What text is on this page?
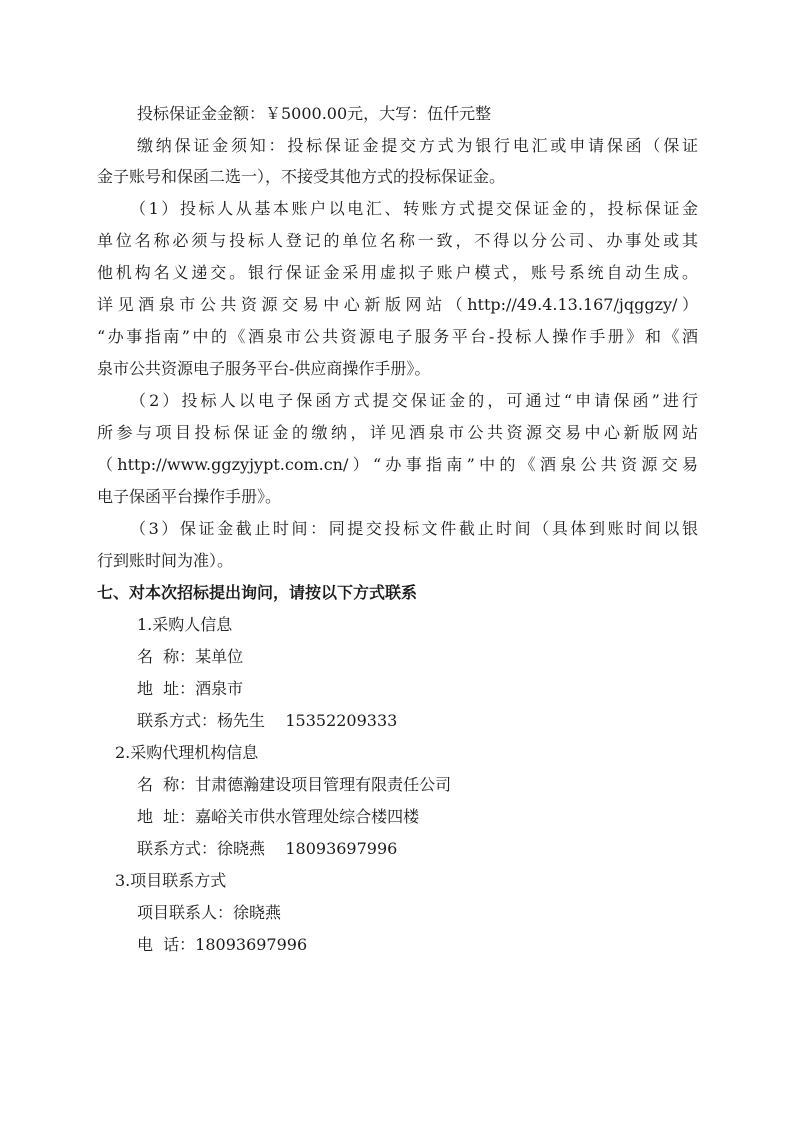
投标保证金金额：￥5000.00元，大写：伍仟元整
缴纳保证金须知：投标保证金提交方式为银行电汇或申请保函（保证
金子账号和保函二选一），不接受其他方式的投标保证金。
（1）投标人从基本账户以电汇、转账方式提交保证金的，投标保证金
单位名称必须与投标人登记的单位名称一致，不得以分公司、办事处或其
他机构名义递交。银行保证金采用虚拟子账户模式，账号系统自动生成。
详见酒泉市公共资源交易中心新版网站（http://49.4.13.167/jqggzy/）
“办事指南”中的《酒泉市公共资源电子服务平台-投标人操作手册》和《酒
泉市公共资源电子服务平台-供应商操作手册》。
（2）投标人以电子保函方式提交保证金的，可通过“申请保函”进行
所参与项目投标保证金的缴纳，详见酒泉市公共资源交易中心新版网站
（http://www.ggzyjypt.com.cn/）“办事指南”中的《酒泉公共资源交易
电子保函平台操作手册》。
（3）保证金截止时间：同提交投标文件截止时间（具体到账时间以银
行到账时间为准）。
七、对本次招标提出询问，请按以下方式联系
1.采购人信息
名  称：某单位
地  址：酒泉市
联系方式：杨先生    15352209333
2.采购代理机构信息
名  称：甘肃德瀚建设项目管理有限责任公司
地  址：嘉峪关市供水管理处综合楼四楼
联系方式：徐晓燕    18093697996
3.项目联系方式
项目联系人：徐晓燕
电  话：18093697996
